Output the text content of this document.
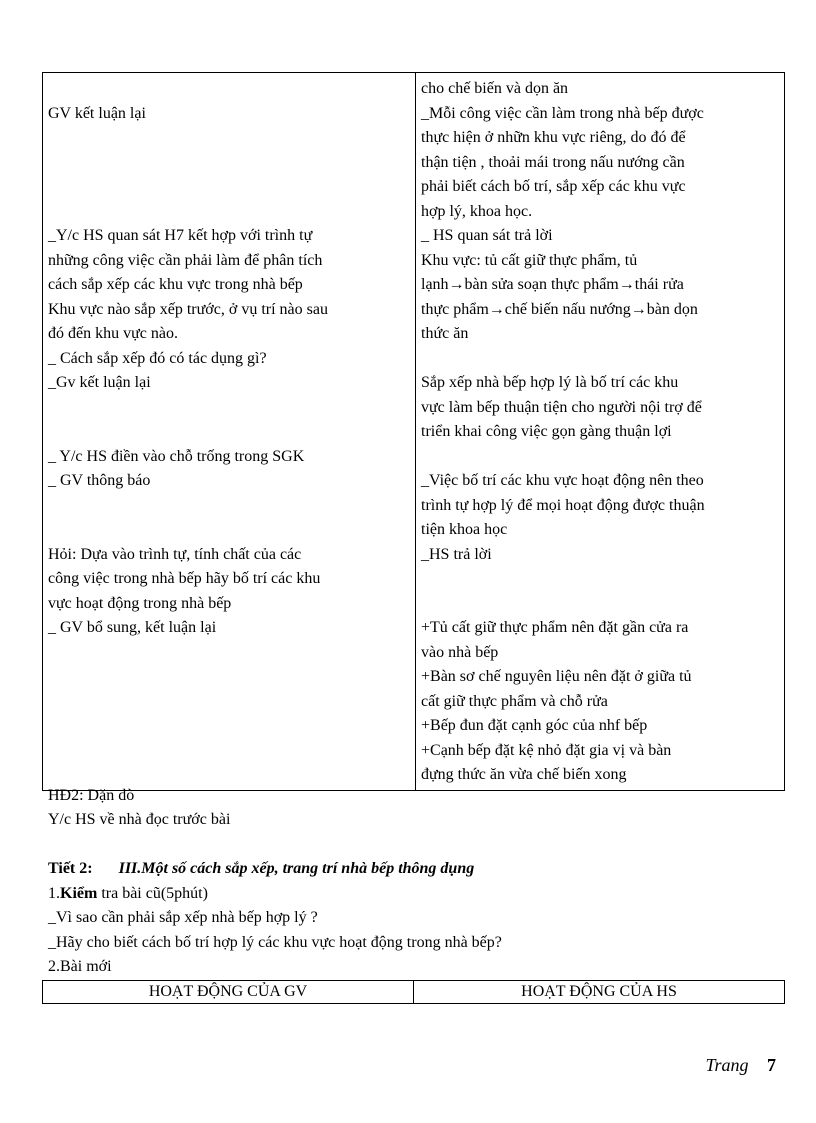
GV kết luận lại
_Y/c HS quan sát H7 kết hợp với trình tự
những công việc cần phải làm để phân tích
cách sắp xếp các khu vực trong nhà bếp
Khu vực nào sắp xếp trước, ở vụ trí nào sau
đó đến khu vực nào.
_ Cách sắp xếp đó có tác dụng gì?
_Gv kết luận lại
_ Y/c HS điền vào chỗ trống trong SGK
_ GV thông báo
Hỏi: Dựa vào trình tự, tính chất của các
công việc trong nhà bếp hãy bố trí các khu
vực hoạt động trong nhà bếp
_ GV bổ sung, kết luận lại

cho chế biến và dọn ăn
_Mỗi công việc cần làm trong nhà bếp được
thực hiện ở nhữn khu vực riêng, do đó để
thận tiện , thoải mái trong nấu nướng cần
phải biết cách bố trí, sắp xếp các khu vực
hợp lý, khoa học.
_ HS quan sát trả lời
Khu vực: tủ cất giữ thực phẩm, tủ
lạnh→bàn sửa soạn thực phẩm→thái rửa
thực phẩm→chế biến nấu nướng→bàn dọn
thức ăn
Sắp xếp nhà bếp hợp lý là bố trí các khu
vực làm bếp thuận tiện cho người nội trợ để
triển khai công việc gọn gàng thuận lợi
_Việc bố trí các khu vực hoạt động nên theo
trình tự hợp lý để mọi hoạt động được thuận
tiện khoa học
_HS trả lời
+Tủ cất giữ thực phẩm nên đặt gần cửa ra
vào nhà bếp
+Bàn sơ chế nguyên liệu nên đặt ở giữa tủ
cất giữ thực phẩm và chỗ rửa
+Bếp đun đặt cạnh góc của nhf bếp
+Cạnh bếp đặt kệ nhỏ đặt gia vị và bàn
đựng thức ăn vừa chế biến xong
HĐ2: Dặn dò
Y/c HS về nhà đọc trước bài
Tiết 2: III.Một số cách sắp xếp, trang trí nhà bếp thông dụng
1.Kiểm tra bài cũ(5phút)
_Vì sao cần phải sắp xếp nhà bếp hợp lý ?
_Hãy cho biết cách bố trí hợp lý các khu vực hoạt động trong nhà bếp?
2.Bài mới
HOẠT ĐỘNG CỦA GV	HOẠT ĐỘNG CỦA HS
Trang 7
